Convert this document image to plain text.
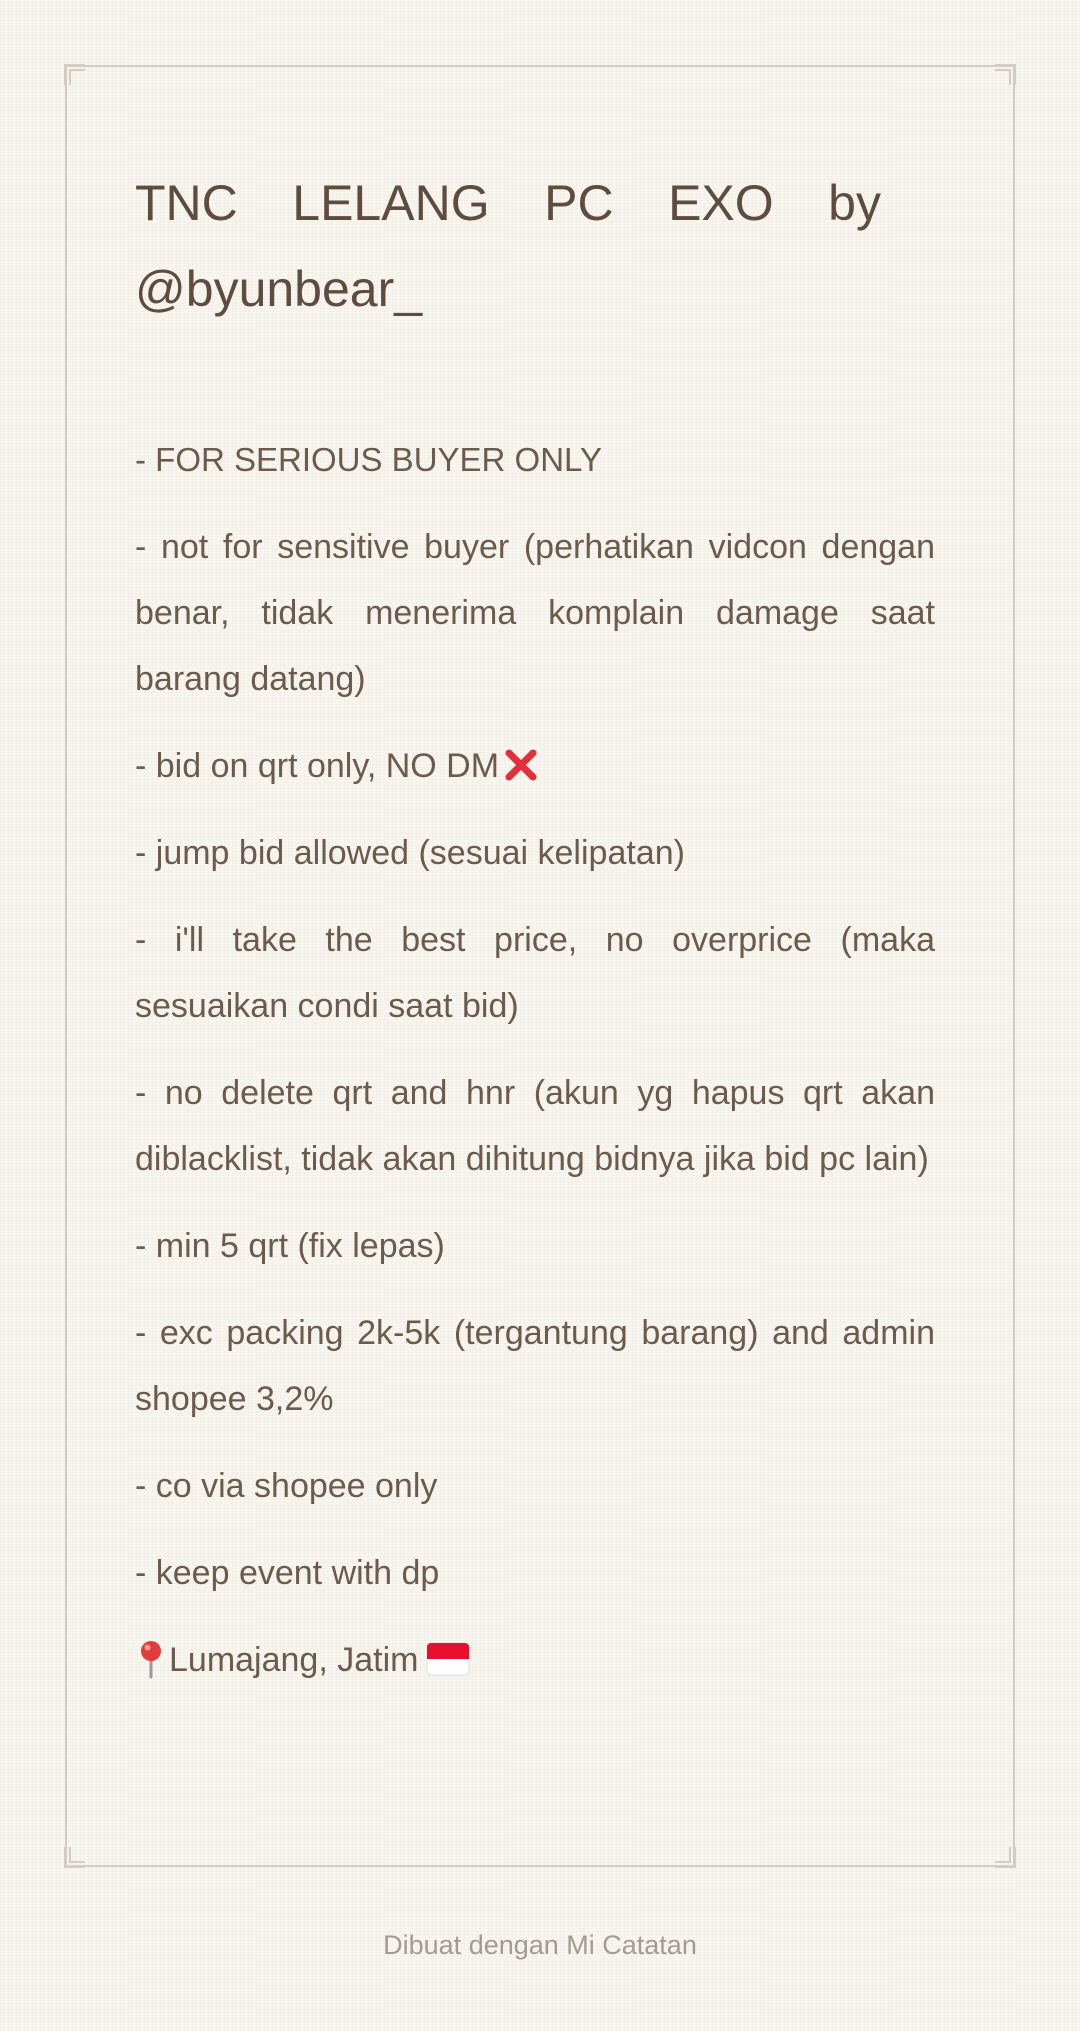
TNC LELANG PC EXO by
@byunbear_

- FOR SERIOUS BUYER ONLY

- not for sensitive buyer (perhatikan vidcon dengan benar, tidak menerima komplain damage saat barang datang)

- bid on qrt only, NO DM

- jump bid allowed (sesuai kelipatan)

- i'll take the best price, no overprice (maka sesuaikan condi saat bid)

- no delete qrt and hnr (akun yg hapus qrt akan diblacklist, tidak akan dihitung bidnya jika bid pc lain)

- min 5 qrt (fix lepas)

- exc packing 2k-5k (tergantung barang) and admin shopee 3,2%

- co via shopee only

- keep event with dp

Lumajang, Jatim

Dibuat dengan Mi Catatan
